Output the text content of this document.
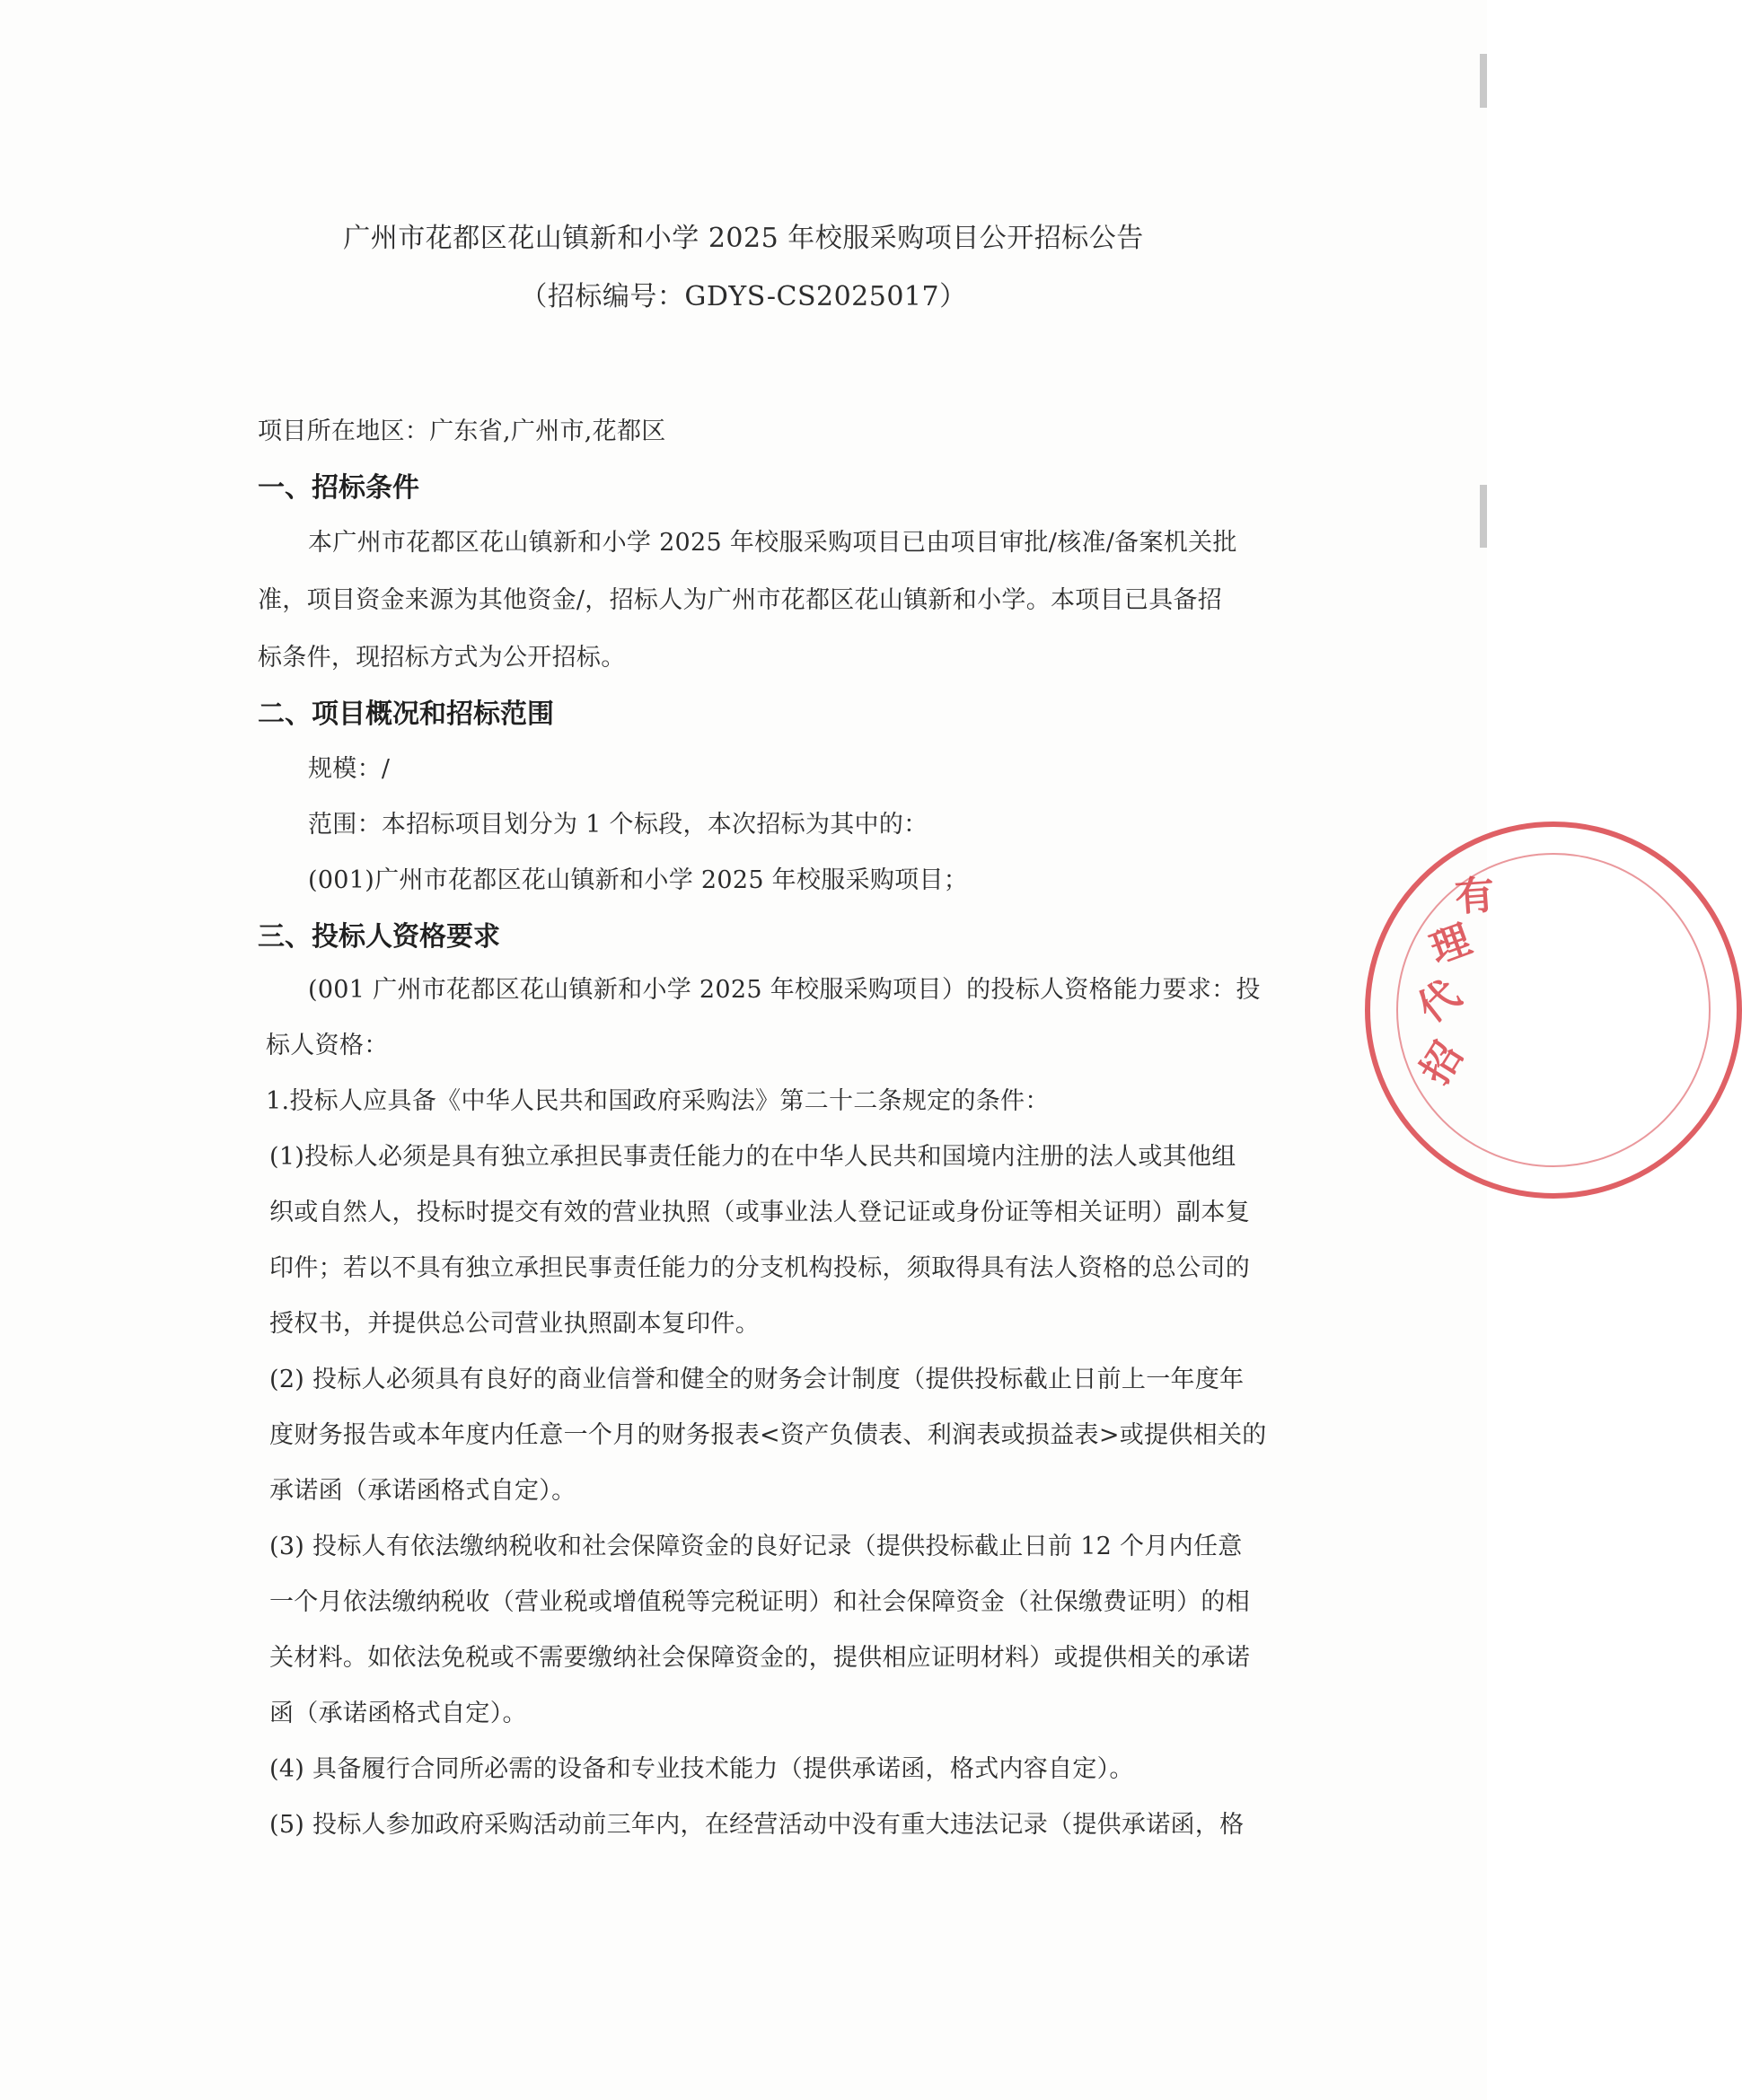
广州市花都区花山镇新和小学 2025 年校服采购项目公开招标公告
（招标编号：GDYS-CS2025017）
项目所在地区：广东省,广州市,花都区
一、招标条件
本广州市花都区花山镇新和小学 2025 年校服采购项目已由项目审批/核准/备案机关批
准，项目资金来源为其他资金/，招标人为广州市花都区花山镇新和小学。本项目已具备招
标条件，现招标方式为公开招标。
二、项目概况和招标范围
规模：/
范围：本招标项目划分为 1 个标段，本次招标为其中的：
(001)广州市花都区花山镇新和小学 2025 年校服采购项目；
三、投标人资格要求
(001 广州市花都区花山镇新和小学 2025 年校服采购项目）的投标人资格能力要求：投
标人资格：
1.投标人应具备《中华人民共和国政府采购法》第二十二条规定的条件：
(1)投标人必须是具有独立承担民事责任能力的在中华人民共和国境内注册的法人或其他组
织或自然人，投标时提交有效的营业执照（或事业法人登记证或身份证等相关证明）副本复
印件；若以不具有独立承担民事责任能力的分支机构投标，须取得具有法人资格的总公司的
授权书，并提供总公司营业执照副本复印件。
(2) 投标人必须具有良好的商业信誉和健全的财务会计制度（提供投标截止日前上一年度年
度财务报告或本年度内任意一个月的财务报表<资产负债表、利润表或损益表>或提供相关的
承诺函（承诺函格式自定）。
(3) 投标人有依法缴纳税收和社会保障资金的良好记录（提供投标截止日前 12 个月内任意
一个月依法缴纳税收（营业税或增值税等完税证明）和社会保障资金（社保缴费证明）的相
关材料。如依法免税或不需要缴纳社会保障资金的，提供相应证明材料）或提供相关的承诺
函（承诺函格式自定）。
(4) 具备履行合同所必需的设备和专业技术能力（提供承诺函，格式内容自定）。
(5) 投标人参加政府采购活动前三年内，在经营活动中没有重大违法记录（提供承诺函，格
招
代
理
有
